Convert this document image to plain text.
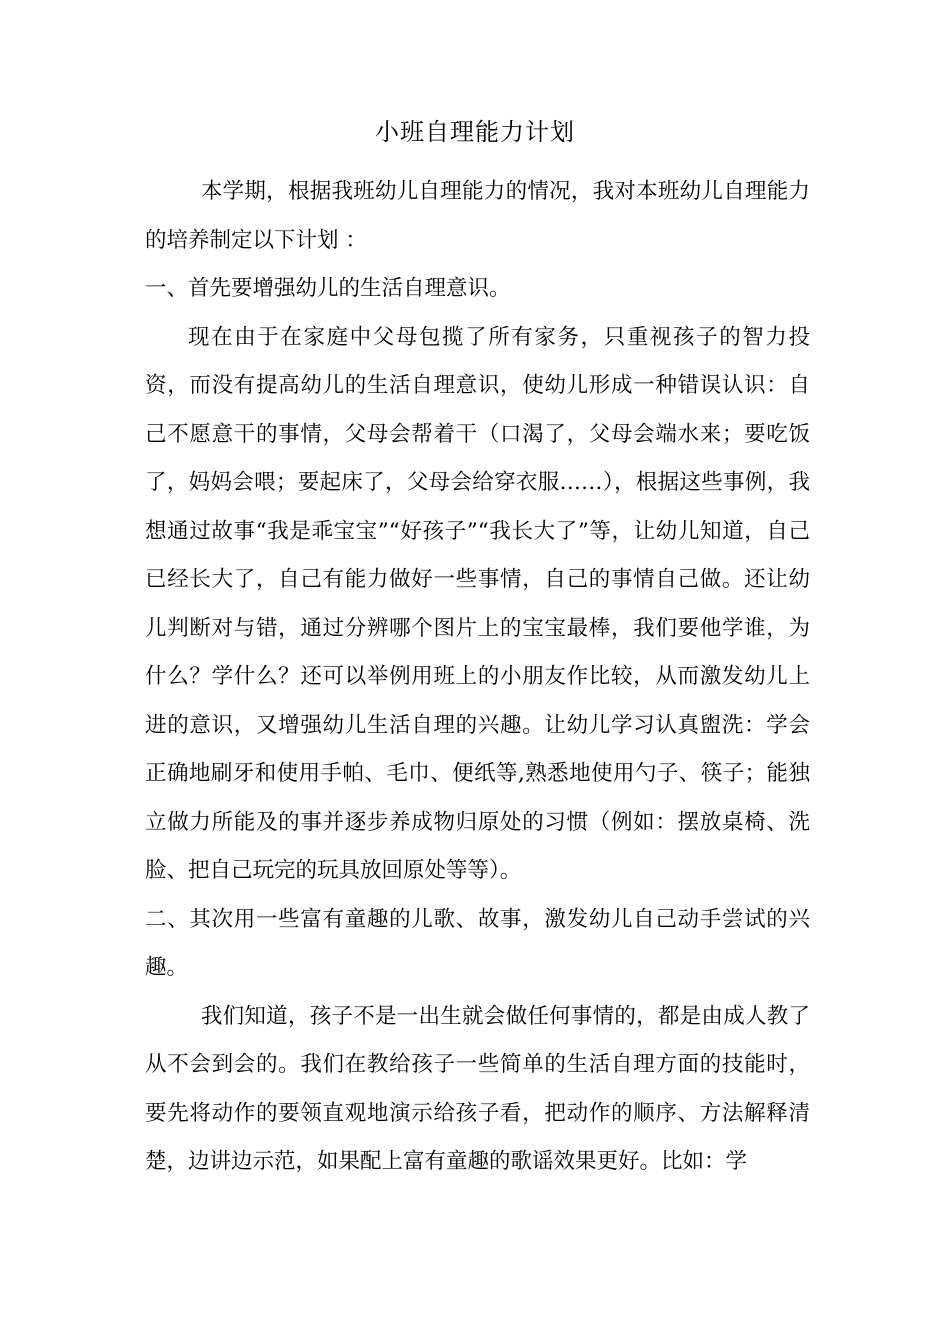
小班自理能力计划

本学期，根据我班幼儿自理能力的情况，我对本班幼儿自理能力的培养制定以下计划 ：

一、首先要增强幼儿的生活自理意识。

现在由于在家庭中父母包揽了所有家务，只重视孩子的智力投资，而没有提高幼儿的生活自理意识，使幼儿形成一种错误认识：自己不愿意干的事情，父母会帮着干（口渴了，父母会端水来；要吃饭了，妈妈会喂；要起床了，父母会给穿衣服……），根据这些事例，我想通过故事“我是乖宝宝”“好孩子”“我长大了”等，让幼儿知道，自己已经长大了，自己有能力做好一些事情，自己的事情自己做。还让幼儿判断对与错，通过分辨哪个图片上的宝宝最棒，我们要他学谁，为什么？学什么？还可以举例用班上的小朋友作比较，从而激发幼儿上进的意识，又增强幼儿生活自理的兴趣。让幼儿学习认真盥洗：学会正确地刷牙和使用手帕、毛巾、便纸等,熟悉地使用勺子、筷子；能独立做力所能及的事并逐步养成物归原处的习惯（例如：摆放桌椅、洗脸、把自己玩完的玩具放回原处等等）。

二、其次用一些富有童趣的儿歌、故事，激发幼儿自己动手尝试的兴趣。

我们知道，孩子不是一出生就会做任何事情的，都是由成人教了从不会到会的。我们在教给孩子一些简单的生活自理方面的技能时，要先将动作的要领直观地演示给孩子看，把动作的顺序、方法解释清楚，边讲边示范，如果配上富有童趣的歌谣效果更好。比如：学
